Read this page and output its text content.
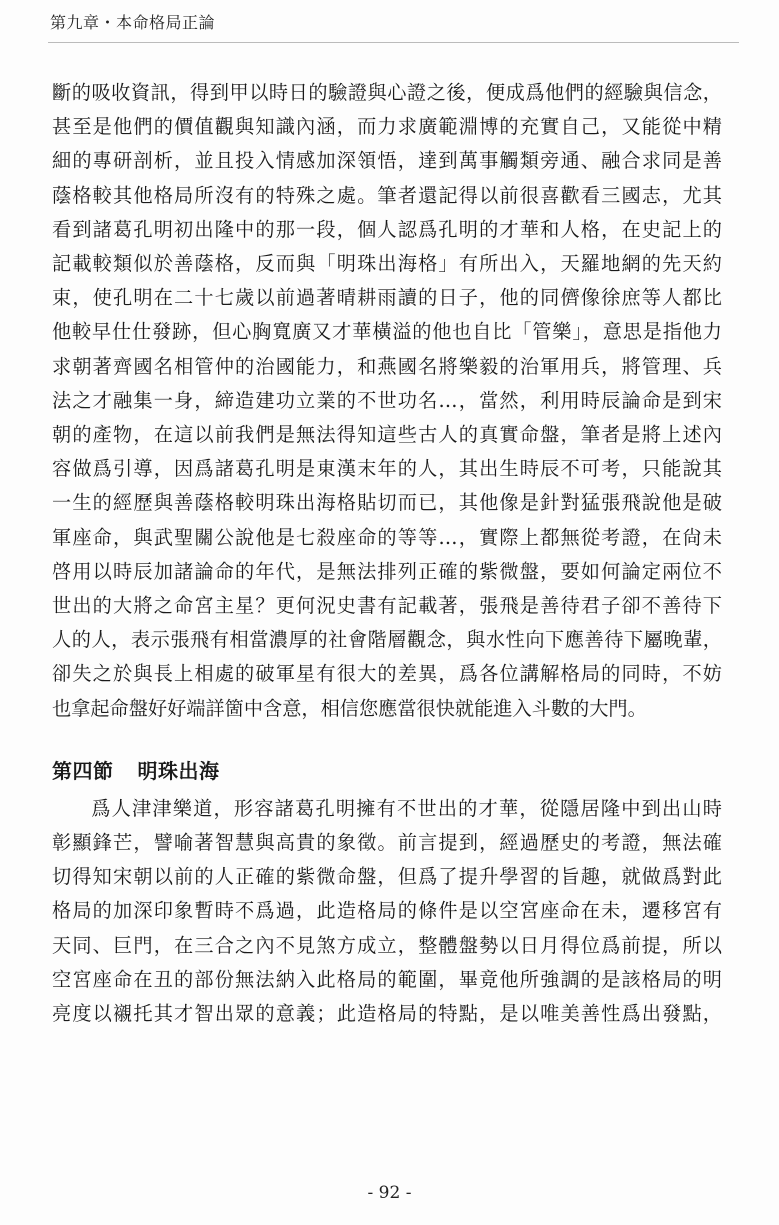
第九章・本命格局正論
斷的吸收資訊，得到甲以時日的驗證與心證之後，便成爲他們的經驗與信念，
甚至是他們的價值觀與知識內涵，而力求廣範淵博的充實自己，又能從中精
細的專研剖析，並且投入情感加深領悟，達到萬事觸類旁通、融合求同是善
蔭格較其他格局所沒有的特殊之處。筆者還記得以前很喜歡看三國志，尤其
看到諸葛孔明初出隆中的那一段，個人認爲孔明的才華和人格，在史記上的
記載較類似於善蔭格，反而與「明珠出海格」有所出入，天羅地網的先天約
束，使孔明在二十七歲以前過著晴耕雨讀的日子，他的同儕像徐庶等人都比
他較早仕仕發跡，但心胸寬廣又才華橫溢的他也自比「管樂」，意思是指他力
求朝著齊國名相管仲的治國能力，和燕國名將樂毅的治軍用兵，將管理、兵
法之才融集一身，締造建功立業的不世功名…，當然，利用時辰論命是到宋
朝的產物，在這以前我們是無法得知這些古人的真實命盤，筆者是將上述內
容做爲引導，因爲諸葛孔明是東漢末年的人，其出生時辰不可考，只能說其
一生的經歷與善蔭格較明珠出海格貼切而已，其他像是針對猛張飛說他是破
軍座命，與武聖關公說他是七殺座命的等等…，實際上都無從考證，在尙未
啓用以時辰加諸論命的年代，是無法排列正確的紫微盤，要如何論定兩位不
世出的大將之命宮主星？更何況史書有記載著，張飛是善待君子卻不善待下
人的人，表示張飛有相當濃厚的社會階層觀念，與水性向下應善待下屬晚輩，
卻失之於與長上相處的破軍星有很大的差異，爲各位講解格局的同時，不妨
也拿起命盤好好端詳箇中含意，相信您應當很快就能進入斗數的大門。
第四節 明珠出海
爲人津津樂道，形容諸葛孔明擁有不世出的才華，從隱居隆中到出山時
彰顯鋒芒，譬喻著智慧與高貴的象徵。前言提到，經過歷史的考證，無法確
切得知宋朝以前的人正確的紫微命盤，但爲了提升學習的旨趣，就做爲對此
格局的加深印象暫時不爲過，此造格局的條件是以空宮座命在未，遷移宮有
天同、巨門，在三合之內不見煞方成立，整體盤勢以日月得位爲前提，所以
空宮座命在丑的部份無法納入此格局的範圍，畢竟他所強調的是該格局的明
亮度以襯托其才智出眾的意義；此造格局的特點，是以唯美善性爲出發點，
- 92 -
